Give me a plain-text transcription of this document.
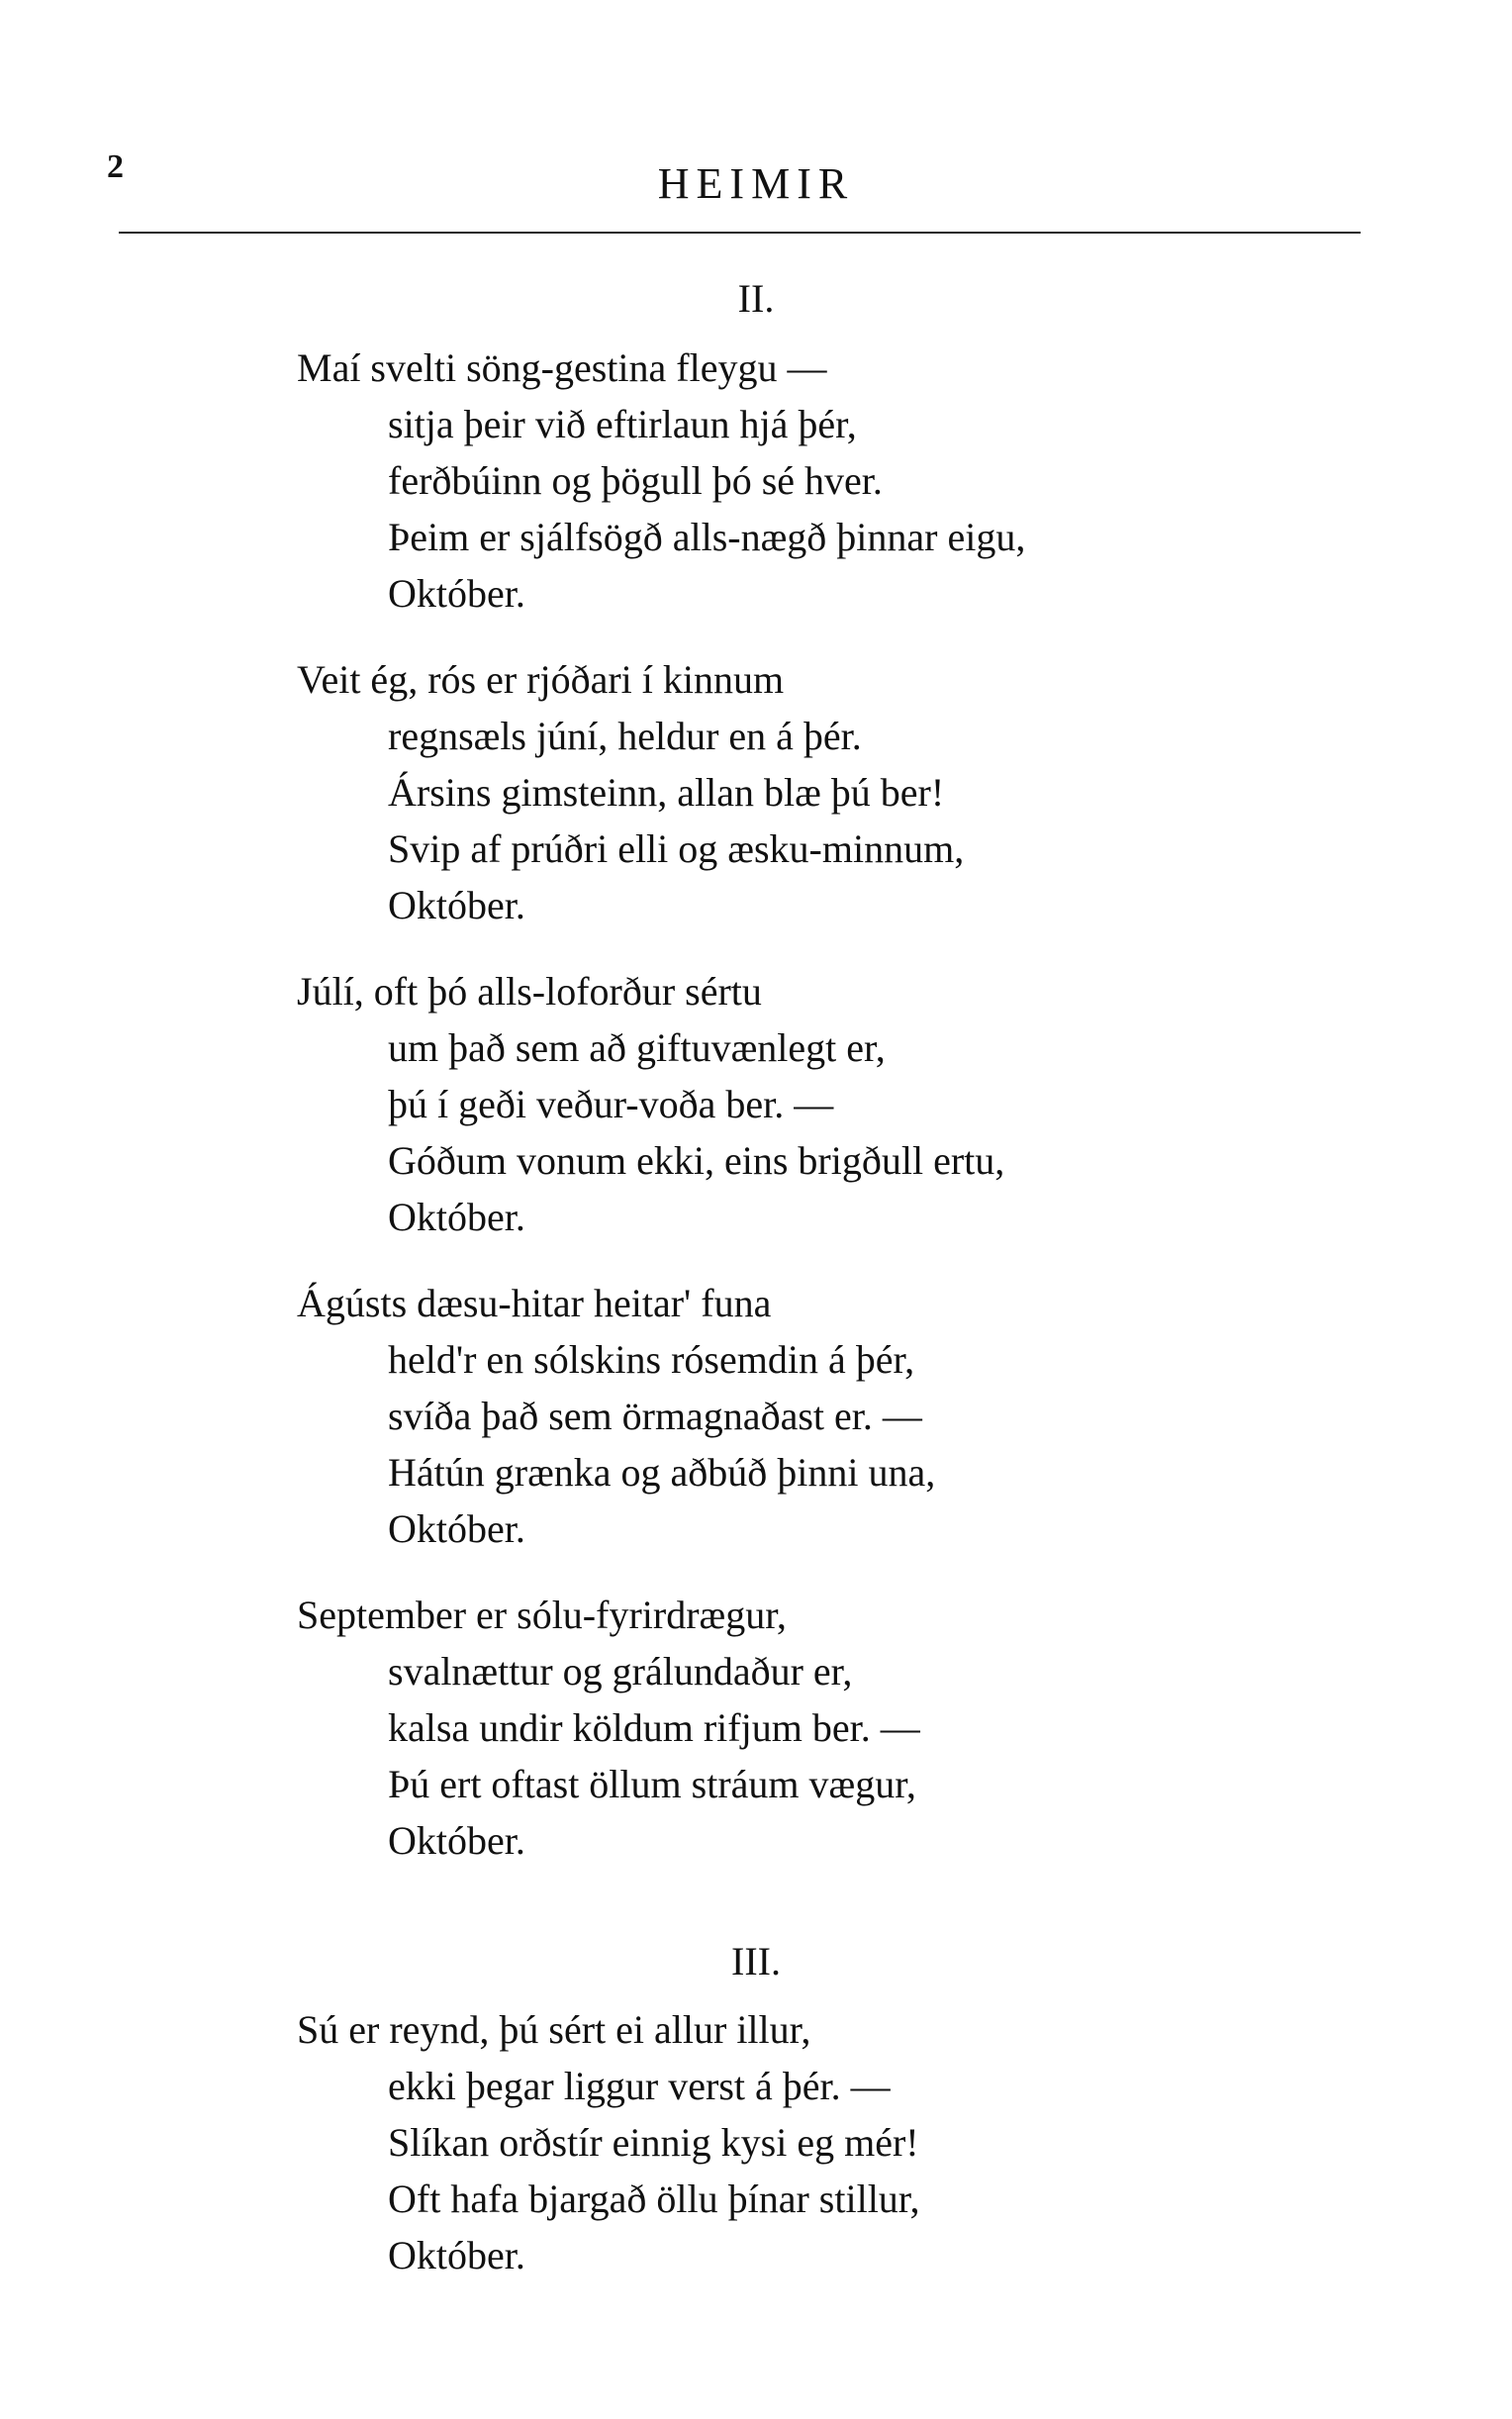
2	HEIMIR
II.
Maí svelti söng-gestina fleygu —
sitja þeir við eftirlaun hjá þér,
ferðbúinn og þögull þó sé hver.
Þeim er sjálfsögð alls-nægð þinnar eigu,
Október.
Veit ég, rós er rjóðari í kinnum
regnsæls júní, heldur en á þér.
Ársins gimsteinn, allan blæ þú ber!
Svip af prúðri elli og æsku-minnum,
Október.
Júlí, oft þó alls-loforður sértu
um það sem að giftuvænlegt er,
þú í geði veður-voða ber. —
Góðum vonum ekki, eins brigðull ertu,
Október.
Ágústs dæsu-hitar heitar' funa
held'r en sólskins rósemdin á þér,
svíða það sem örmagnaðast er. —
Hátún grænka og aðbúð þinni una,
Október.
September er sólu-fyrirdrægur,
svalnættur og grálundaður er,
kalsa undir köldum rifjum ber. —
Þú ert oftast öllum stráum vægur,
Október.
III.
Sú er reynd, þú sért ei allur illur,
ekki þegar liggur verst á þér. —
Slíkan orðstír einnig kysi eg mér!
Oft hafa bjargað öllu þínar stillur,
Október.
